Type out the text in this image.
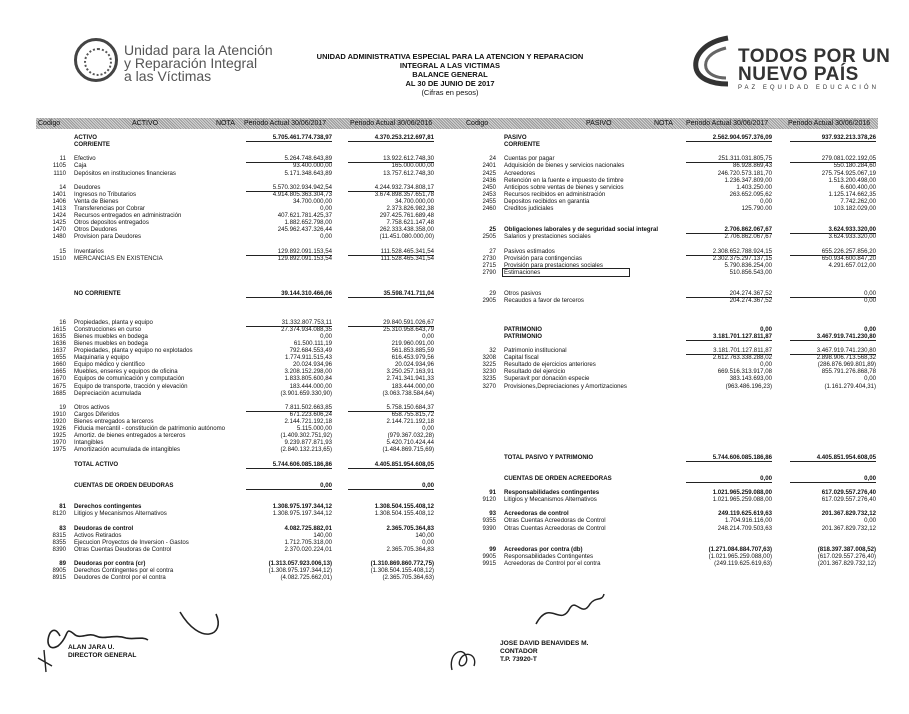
Unidad para la Atención
y Reparación Integral
a las Víctimas
UNIDAD ADMINISTRATIVA ESPECIAL PARA LA ATENCION Y REPARACION INTEGRAL A LAS VICTIMAS
BALANCE GENERAL
AL 30 DE JUNIO DE 2017
(Cifras en pesos)
TODOS POR UN
NUEVO PAÍS
PAZ EQUIDAD EDUCACIÓN
Codigo	ACTIVO	NOTA Periodo Actual 30/06/2017	Periodo Actual 30/06/2016	Codigo	PASIVO	NOTA Periodo Actual 30/06/2017	Periodo Actual 30/06/2016
ACTIVO	5.705.461.774.738,97	4.370.253.212.697,81
CORRIENTE
11 Efectivo	5.264.748.643,89	13.922.612.748,30
1105 Caja	93.400.000,00	165.000.000,00
1110 Depósitos en instituciones financieras	5.171.348.643,89	13.757.612.748,30
14 Deudores	5.570.302.934.942,54	4.244.932.734.808,17
1401 Ingresos no Tributarios	4.914.805.363.304,73	3.674.898.357.651,78
1406 Venta de Bienes	34.700.000,00	34.700.000,00
1413 Transferencias por Cobrar	0,00	2.373.826.982,38
1424 Recursos entregados en administración	407.621.781.425,37	297.425.761.689,48
1425 Otros depositos entregados	1.882.652.798,00	7.758.621.147,48
1470 Otros Deudores	245.962.437.326,44	262.333.438.358,00
1480 Provision para Deudores	0,00	(11.451.080.000,00)
15 Inventarios	129.892.091.153,54	111.528.465.341,54
1510 MERCANCIAS EN EXISTENCIA	129.892.091.153,54	111.528.465.341,54
NO CORRIENTE	39.144.310.466,06	35.598.741.711,04
16 Propiedades, planta y equipo	31.332.807.753,11	29.840.591.026,67
1615 Construcciones en curso	27.374.934.088,35	25.310.958.643,79
1635 Bienes muebles en bodega	0,00	0,00
1636 Bienes muebles en bodega	61.500.111,19	219.960.091,00
1637 Propiedades, planta y equipo no explotados	792.684.553,49	561.853.885,59
1655 Maquinaria y equipo	1.774.911.515,43	616.453.979,56
1660 Equipo médico y científico	20.024.934,96	20.024.934,96
1665 Muebles, enseres y equipos de oficina	3.208.152.298,00	3.250.257.163,91
1670 Equipos de comunicación y computación	1.833.805.600,84	2.741.341.941,33
1675 Equipo de transporte, tracción y elevación	183.444.000,00	183.444.000,00
1685 Depreciación acumulada	(3.901.659.330,90)	(3.063.738.584,64)
19 Otros activos	7.811.502.663,85	5.758.150.684,37
1910 Cargos Diferidos	671.223.606,24	658.755.815,72
1920 Bienes entregados a terceros	2.144.721.192,18	2.144.721.192,18
1926 Fiducia mercantil - constitución de patrimonio autónomo	5.115.000,00	0,00
1925 Amortiz. de bienes entregados a terceros	(1.409.302.751,92)	(979.367.032,28)
1970 Intangibles	9.239.877.871,93	5.420.710.424,44
1975 Amortización acumulada de intangibles	(2.840.132.213,65)	(1.484.869.715,69)
TOTAL ACTIVO	5.744.606.085.186,86	4.405.851.954.608,05
CUENTAS DE ORDEN DEUDORAS	0,00	0,00
81 Derechos contingentes	1.308.975.197.344,12	1.308.504.155.408,12
8120 Litigios y Mecanismos Alternativos	1.308.975.197.344,12	1.308.504.155.408,12
83 Deudoras de control	4.082.725.882,01	2.365.705.364,83
8315 Activos Retirados	140,00	140,00
8355 Ejecucion Proyectos de Inversion - Gastos	1.712.705.318,00	0,00
8390 Otras Cuentas Deudoras de Control	2.370.020.224,01	2.365.705.364,83
89 Deudoras por contra (cr)	(1.313.057.923.006,13)	(1.310.869.860.772,75)
8905 Derechos Contingentes por el contra	(1.308.975.197.344,12)	(1.308.504.155.408,12)
8915 Deudores de Control por el contra	(4.082.725.662,01)	(2.365.705.364,63)
PASIVO	2.562.904.957.376,09	937.932.213.378,26
CORRIENTE
24 Cuentas por pagar	251.311.031.805,75	279.081.022.192,05
2401 Adquisición de bienes y servicios nacionales	86.928.869,43	550.180.284,60
2425 Acreedores	246.720.573.181,70	275.754.925.067,19
2436 Retención en la fuente e impuesto de timbre	1.236.347.809,00	1.513.200.498,00
2450 Anticipos sobre ventas de bienes y servicios	1.403.250.00	6.600.400,00
2453 Recursos recibidos en administración	263.652.095,62	1.125.174.662,35
2455 Depositos recibidos en garantia	0,00	7.742.262,00
2460 Creditos judiciales	125.790.00	103.182.029,00
25 Obligaciones laborales y de seguridad social integral	2.706.862.067,67	3.624.933.320,00
2505 Salarios y prestaciones sociales	2.706.862.067,67	3.624.933.320,00
27 Pasivos estimados	2.308.652.788.924,15	655.226.257.856,20
2730 Provisión para contingencias	2.302.375.297.137,15	650.934.600.847,20
2715 Provisión para prestaciones sociales	5.790.836.254,00	4.291.657.012,00
2790 Estimaciones	510.856.543,00
29 Otros pasivos	204.274.367,52	0,00
2905 Recaudos a favor de terceros	204.274.367,52	0,00
PATRIMONIO	0,00	0,00
PATRIMONIO	3.181.701.127.811,87	3.467.919.741.230,80
32 Patrimonio institucional	3.181.701.127.811,87	3.467.919.741.230,80
3208 Capital fiscal	2.612.763.338.288,02	2.898.906.713.568,32
3225 Resultado de ejercicios anteriores	0,00	(286.876.969.801,89)
3230 Resultado del ejercicio	669.516.313.917,08	855.791.276.868,78
3235 Superavit por donación especie	383.143.693,00	0,00
3270 Provisiones,Depreciaciones y Amortizaciones	(963.486.196,23)	(1.161.279.404,31)
TOTAL PASIVO Y PATRIMONIO	5.744.606.085.186,86	4.405.851.954.608,05
CUENTAS DE ORDEN ACREEDORAS	0,00	0,00
91 Responsabilidades contingentes	1.021.965.259.088,00	617.029.557.276,40
9120 Litigios y Mecanismos Alternativos	1.021.965.259.088,00	617.029.557.276,40
93 Acreedoras de control	249.119.625.619,63	201.367.829.732,12
9355 Otras Cuentas Acreedoras de Control	1.704.916.116,00	0,00
9390 Otras Cuentas Acreedoras de Control	248.214.709.503,63	201.367.829.732,12
99 Acreedoras por contra (db)	(1.271.084.884.707,63)	(818.397.387.008,52)
9905 Responsabilidades Contingentes	(1.021.965.259.088,00)	(617.029.557.276,40)
9915 Acreedoras de Control por el contra	(249.119.625.619,63)	(201.367.829.732,12)
ALAN JARA U.
DIRECTOR GENERAL
JOSE DAVID BENAVIDES M.
CONTADOR
T.P. 73920-T
